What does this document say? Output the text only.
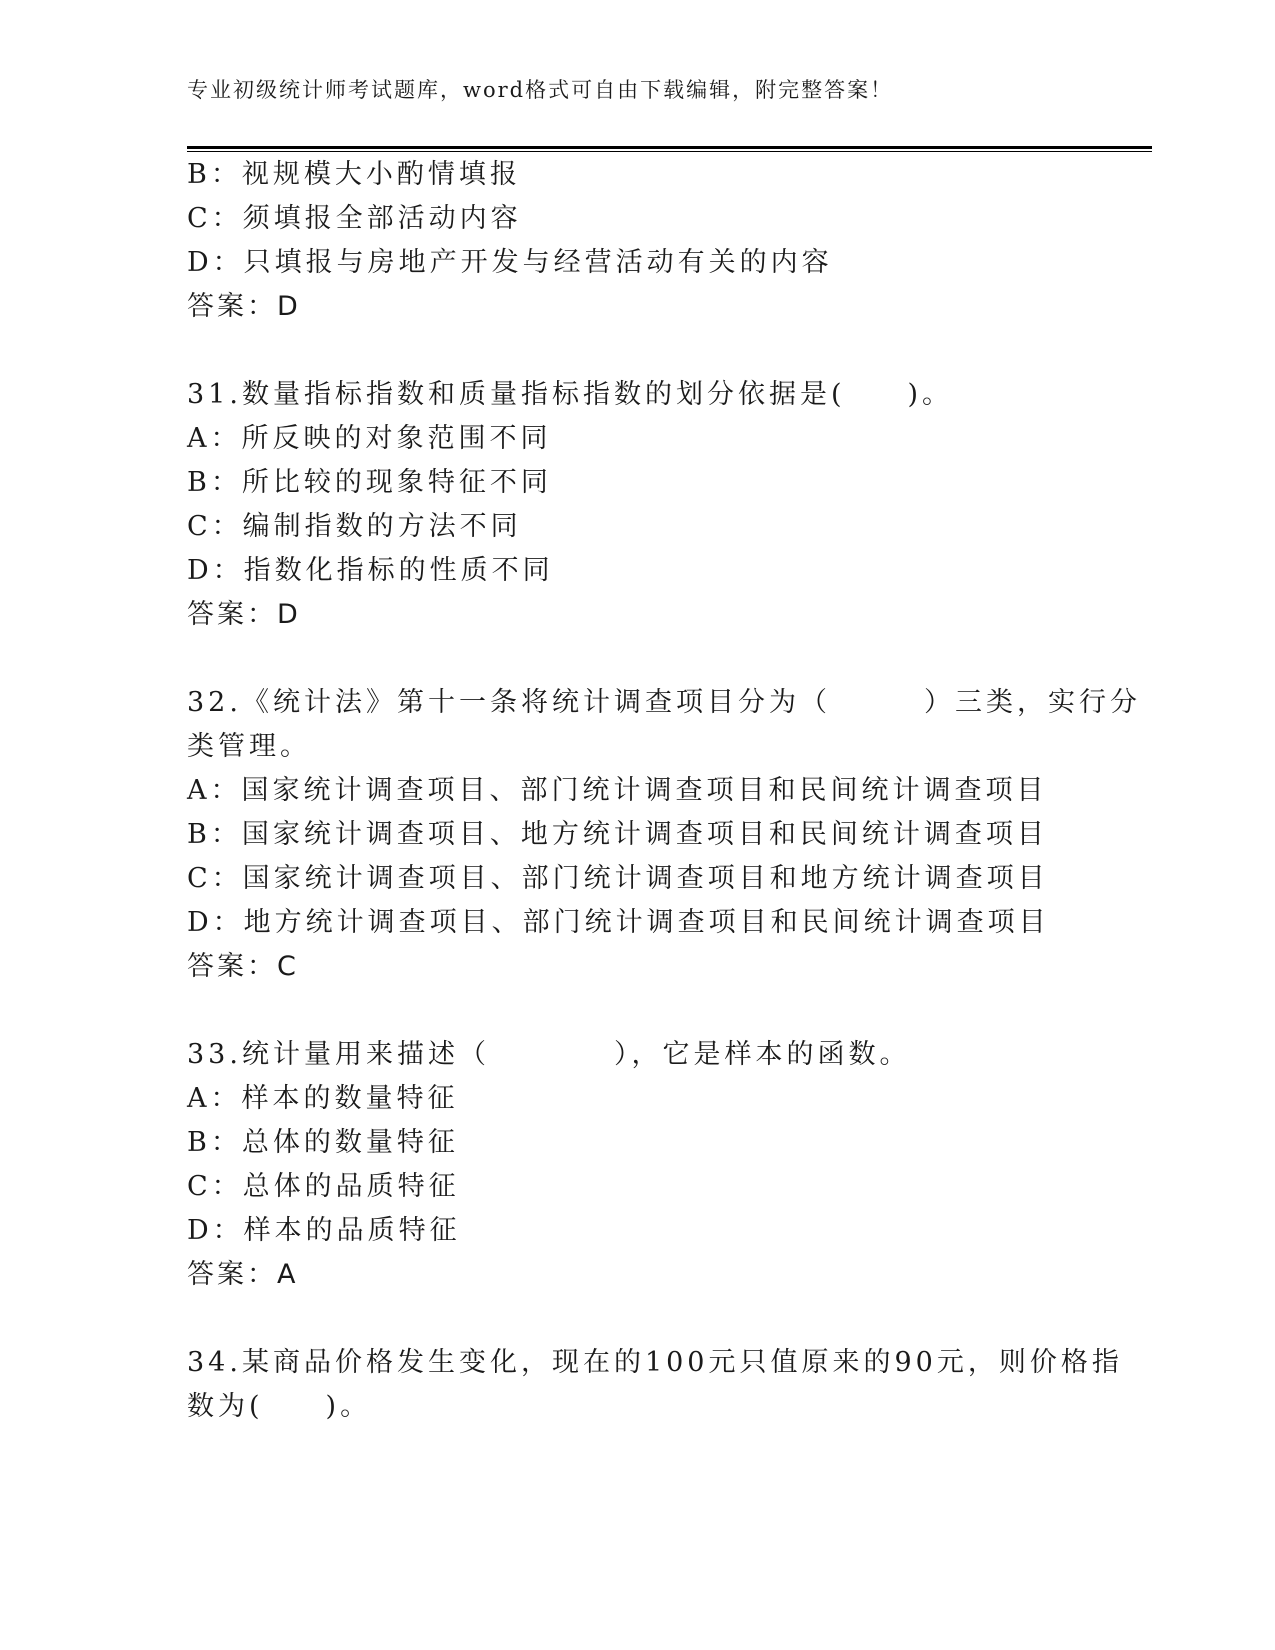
专业初级统计师考试题库，word格式可自由下载编辑，附完整答案！
B：视规模大小酌情填报
C：须填报全部活动内容
D：只填报与房地产开发与经营活动有关的内容
答案：D
31.数量指标指数和质量指标指数的划分依据是(　　)。
A：所反映的对象范围不同
B：所比较的现象特征不同
C：编制指数的方法不同
D：指数化指标的性质不同
答案：D
32.《统计法》第十一条将统计调查项目分为（　　　）三类，实行分
类管理。
A：国家统计调查项目、部门统计调查项目和民间统计调查项目
B：国家统计调查项目、地方统计调查项目和民间统计调查项目
C：国家统计调查项目、部门统计调查项目和地方统计调查项目
D：地方统计调查项目、部门统计调查项目和民间统计调查项目
答案：C
33.统计量用来描述（　　　　），它是样本的函数。
A：样本的数量特征
B：总体的数量特征
C：总体的品质特征
D：样本的品质特征
答案：A
34.某商品价格发生变化，现在的100元只值原来的90元，则价格指
数为(　　)。
